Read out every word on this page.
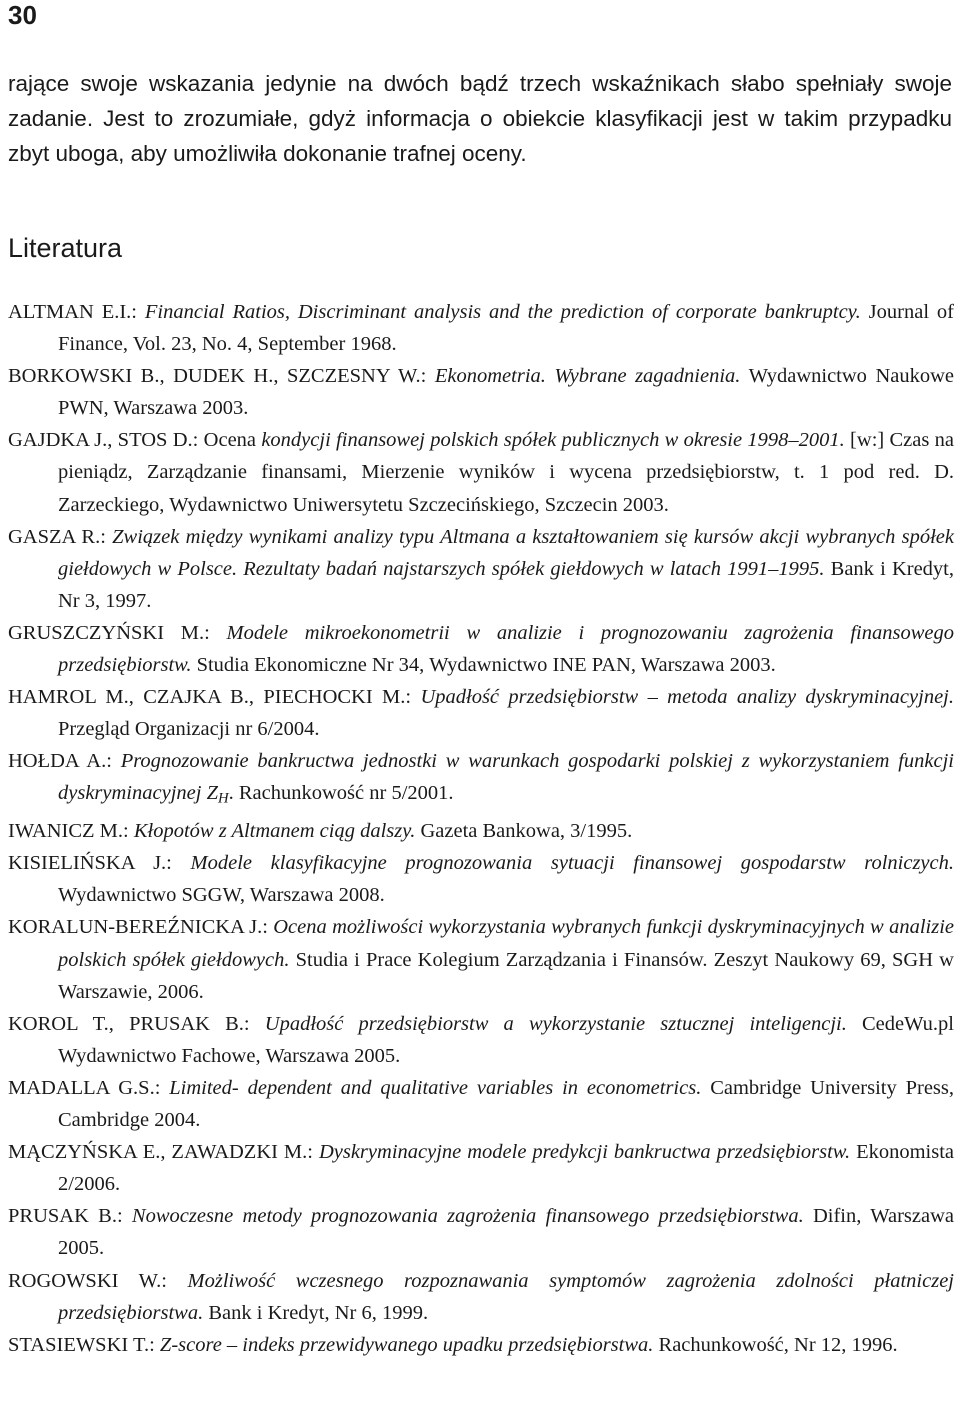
30

rające swoje wskazania jedynie na dwóch bądź trzech wskaźnikach słabo spełniały swoje zadanie. Jest to zrozumiałe, gdyż informacja o obiekcie klasyfikacji jest w takim przypadku zbyt uboga, aby umożliwiła dokonanie trafnej oceny.

Literatura
ALTMAN E.I.: Financial Ratios, Discriminant analysis and the prediction of corporate bankruptcy. Journal of Finance, Vol. 23, No. 4, September 1968.
BORKOWSKI B., DUDEK H., SZCZESNY W.: Ekonometria. Wybrane zagadnienia. Wydawnictwo Naukowe PWN, Warszawa 2003.
GAJDKA J., STOS D.: Ocena kondycji finansowej polskich spółek publicznych w okresie 1998–2001. [w:] Czas na pieniądz, Zarządzanie finansami, Mierzenie wyników i wycena przedsiębiorstw, t. 1 pod red. D. Zarzeckiego, Wydawnictwo Uniwersytetu Szczecińskiego, Szczecin 2003.
GASZA R.: Związek między wynikami analizy typu Altmana a kształtowaniem się kursów akcji wybranych spółek giełdowych w Polsce. Rezultaty badań najstarszych spółek giełdowych w latach 1991–1995. Bank i Kredyt, Nr 3, 1997.
GRUSZCZYŃSKI M.: Modele mikroekonometrii w analizie i prognozowaniu zagrożenia finansowego przedsiębiorstw. Studia Ekonomiczne Nr 34, Wydawnictwo INE PAN, Warszawa 2003.
HAMROL M., CZAJKA B., PIECHOCKI M.: Upadłość przedsiębiorstw – metoda analizy dyskryminacyjnej. Przegląd Organizacji nr 6/2004.
HOŁDA A.: Prognozowanie bankructwa jednostki w warunkach gospodarki polskiej z wykorzystaniem funkcji dyskryminacyjnej $Z_H$. Rachunkowość nr 5/2001.
IWANICZ M.: Kłopotów z Altmanem ciąg dalszy. Gazeta Bankowa, 3/1995.
KISIELIŃSKA J.: Modele klasyfikacyjne prognozowania sytuacji finansowej gospodarstw rolniczych. Wydawnictwo SGGW, Warszawa 2008.
KORALUN-BEREŹNICKA J.: Ocena możliwości wykorzystania wybranych funkcji dyskryminacyjnych w analizie polskich spółek giełdowych. Studia i Prace Kolegium Zarządzania i Finansów. Zeszyt Naukowy 69, SGH w Warszawie, 2006.
KOROL T., PRUSAK B.: Upadłość przedsiębiorstw a wykorzystanie sztucznej inteligencji. CedeWu.pl Wydawnictwo Fachowe, Warszawa 2005.
MADALLA G.S.: Limited- dependent and qualitative variables in econometrics. Cambridge University Press, Cambridge 2004.
MĄCZYŃSKA E., ZAWADZKI M.: Dyskryminacyjne modele predykcji bankructwa przedsiębiorstw. Ekonomista 2/2006.
PRUSAK B.: Nowoczesne metody prognozowania zagrożenia finansowego przedsiębiorstwa. Difin, Warszawa 2005.
ROGOWSKI W.: Możliwość wczesnego rozpoznawania symptomów zagrożenia zdolności płatniczej przedsiębiorstwa. Bank i Kredyt, Nr 6, 1999.
STASIEWSKI T.: Z-score – indeks przewidywanego upadku przedsiębiorstwa. Rachunkowość, Nr 12, 1996.
